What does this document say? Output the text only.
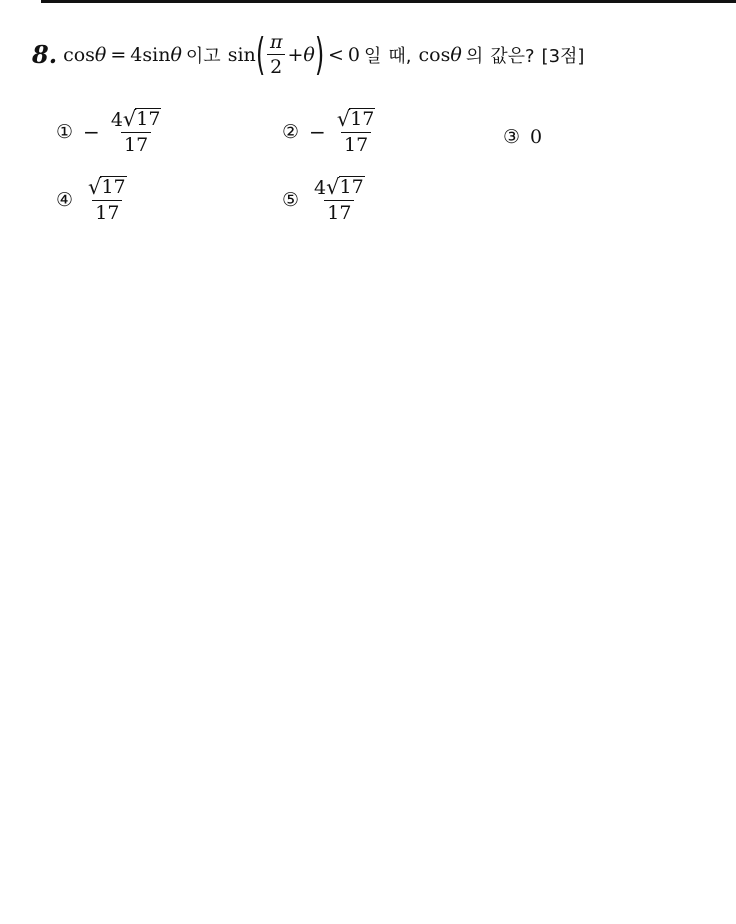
8. cos θ = 4 sin θ 이고 sin ( $\frac{\pi}{2} + \theta$ ) < 0 일 때, cos θ 의 값은? [3점]
① − $\frac{4 √ 17}{17}$	② − $\frac{√ 17}{17}$	③ 0
④ $\frac{√ 17}{17}$	⑤ $\frac{4 √ 17}{17}$
